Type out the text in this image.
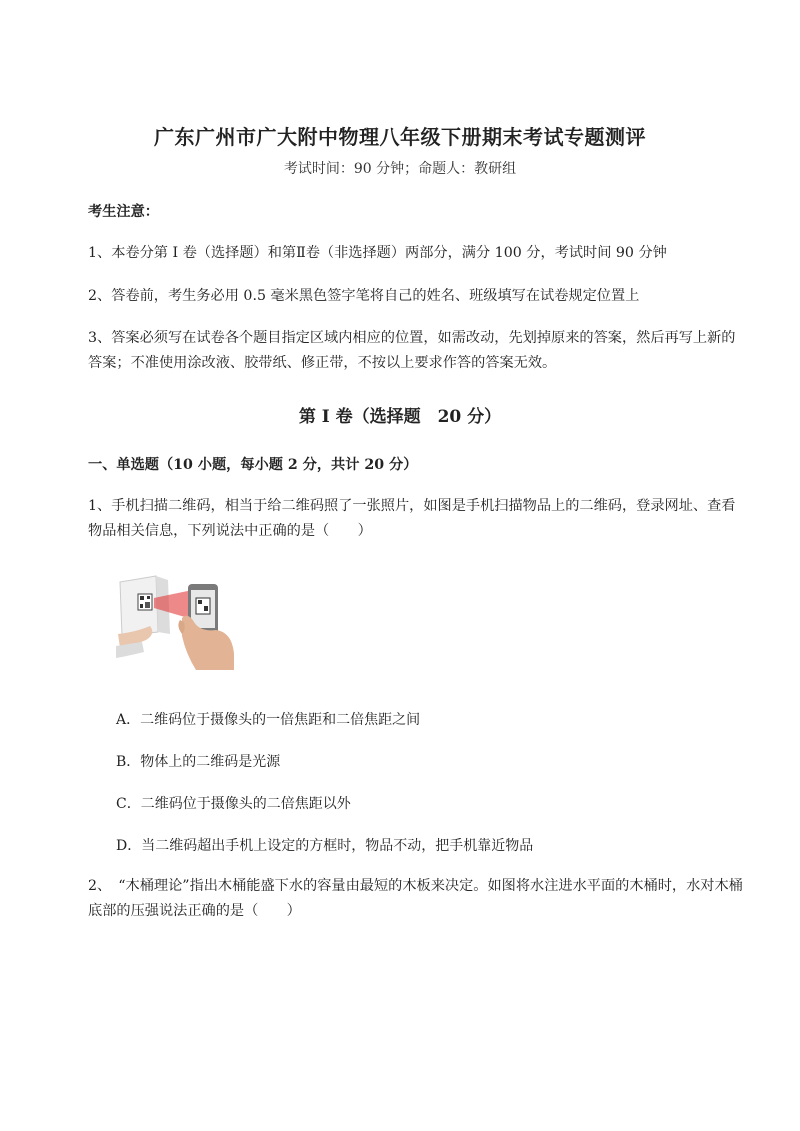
广东广州市广大附中物理八年级下册期末考试专题测评
考试时间：90 分钟；命题人：教研组
考生注意：
1、本卷分第 I 卷（选择题）和第Ⅱ卷（非选择题）两部分，满分 100 分，考试时间 90 分钟
2、答卷前，考生务必用 0.5 毫米黑色签字笔将自己的姓名、班级填写在试卷规定位置上
3、答案必须写在试卷各个题目指定区域内相应的位置，如需改动，先划掉原来的答案，然后再写上新的答案；不准使用涂改液、胶带纸、修正带，不按以上要求作答的答案无效。
第 I 卷（选择题　20 分）
一、单选题（10 小题，每小题 2 分，共计 20 分）
1、手机扫描二维码，相当于给二维码照了一张照片，如图是手机扫描物品上的二维码，登录网址、查看物品相关信息，下列说法中正确的是（　　）
A．二维码位于摄像头的一倍焦距和二倍焦距之间
B．物体上的二维码是光源
C．二维码位于摄像头的二倍焦距以外
D．当二维码超出手机上设定的方框时，物品不动，把手机靠近物品
2、　“木桶理论”指出木桶能盛下水的容量由最短的木板来决定。如图将水注进水平面的木桶时，水对木桶底部的压强说法正确的是（　　）
